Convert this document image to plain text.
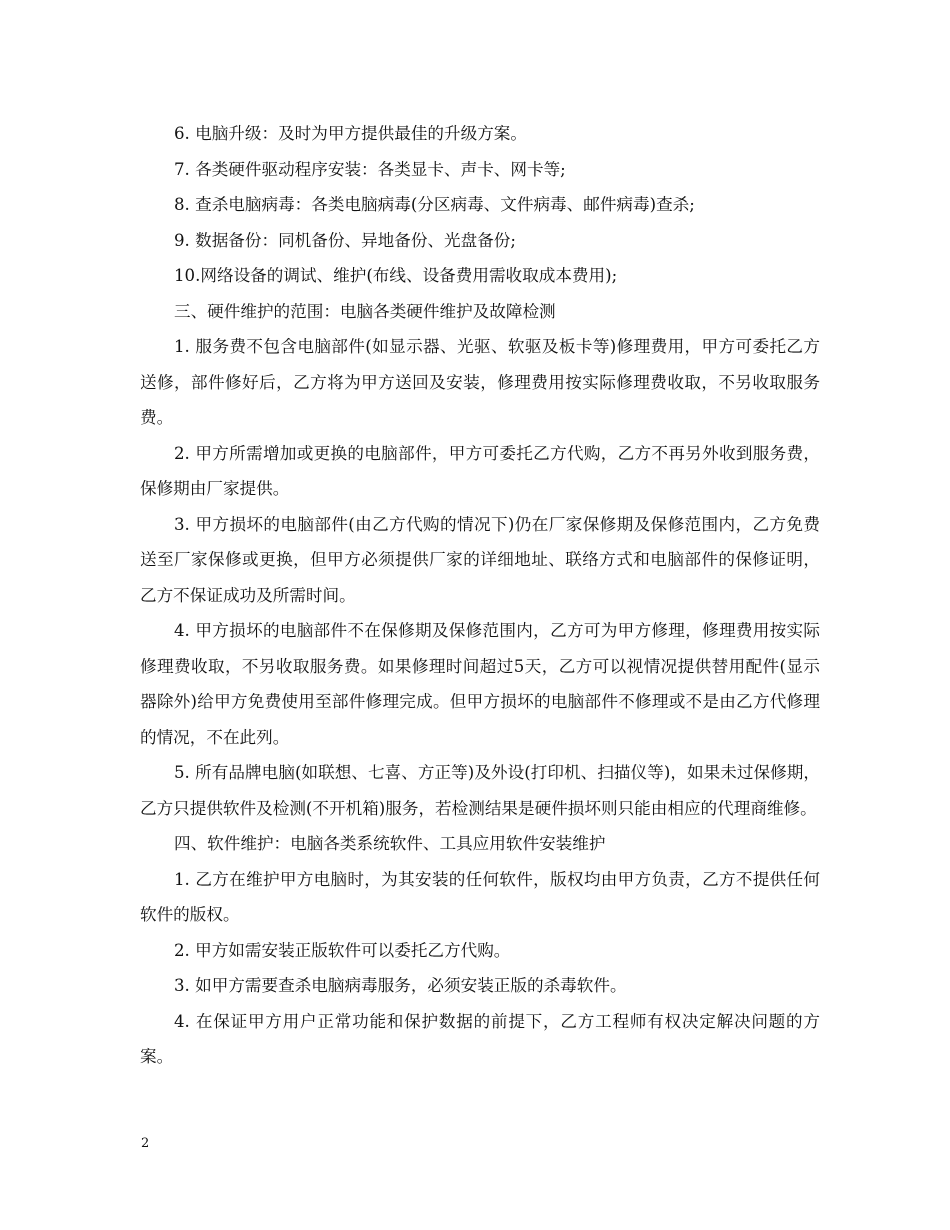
6. 电脑升级：及时为甲方提供最佳的升级方案。

7. 各类硬件驱动程序安装：各类显卡、声卡、网卡等;

8. 查杀电脑病毒：各类电脑病毒(分区病毒、文件病毒、邮件病毒)查杀;

9. 数据备份：同机备份、异地备份、光盘备份;

10.网络设备的调试、维护(布线、设备费用需收取成本费用);

三、硬件维护的范围：电脑各类硬件维护及故障检测

1. 服务费不包含电脑部件(如显示器、光驱、软驱及板卡等)修理费用，甲方可委托乙方送修，部件修好后，乙方将为甲方送回及安装，修理费用按实际修理费收取，不另收取服务费。

2. 甲方所需增加或更换的电脑部件，甲方可委托乙方代购，乙方不再另外收到服务费，保修期由厂家提供。

3. 甲方损坏的电脑部件(由乙方代购的情况下)仍在厂家保修期及保修范围内，乙方免费送至厂家保修或更换，但甲方必须提供厂家的详细地址、联络方式和电脑部件的保修证明，乙方不保证成功及所需时间。

4. 甲方损坏的电脑部件不在保修期及保修范围内，乙方可为甲方修理，修理费用按实际修理费收取，不另收取服务费。如果修理时间超过5天，乙方可以视情况提供替用配件(显示器除外)给甲方免费使用至部件修理完成。但甲方损坏的电脑部件不修理或不是由乙方代修理的情况，不在此列。

5. 所有品牌电脑(如联想、七喜、方正等)及外设(打印机、扫描仪等)，如果未过保修期，乙方只提供软件及检测(不开机箱)服务，若检测结果是硬件损坏则只能由相应的代理商维修。

四、软件维护：电脑各类系统软件、工具应用软件安装维护

1. 乙方在维护甲方电脑时，为其安装的任何软件，版权均由甲方负责，乙方不提供任何软件的版权。

2. 甲方如需安装正版软件可以委托乙方代购。

3. 如甲方需要查杀电脑病毒服务，必须安装正版的杀毒软件。

4. 在保证甲方用户正常功能和保护数据的前提下，乙方工程师有权决定解决问题的方案。

2
